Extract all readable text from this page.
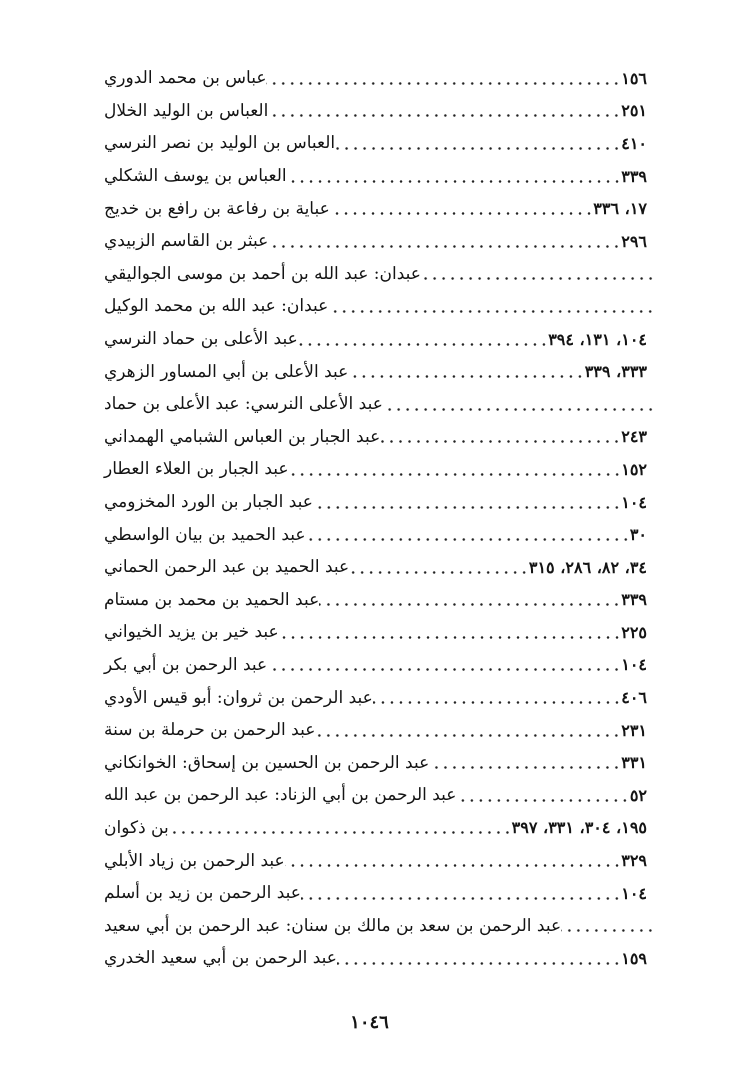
عباس بن محمد الدوري	١٥٦
العباس بن الوليد الخلال	٢٥١
العباس بن الوليد بن نصر النرسي	٤١٠
العباس بن يوسف الشكلي	٣٣٩
عباية بن رفاعة بن رافع بن خديج	١٧، ٣٣٦
عبثر بن القاسم الزبيدي	٢٩٦
عبدان: عبد الله بن أحمد بن موسى الجواليقي
عبدان: عبد الله بن محمد الوكيل
عبد الأعلى بن حماد النرسي	١٠٤، ١٣١، ٣٩٤
عبد الأعلى بن أبي المساور الزهري	٣٣٣، ٣٣٩
عبد الأعلى النرسي: عبد الأعلى بن حماد
عبد الجبار بن العباس الشبامي الهمداني	٢٤٣
عبد الجبار بن العلاء العطار	١٥٢
عبد الجبار بن الورد المخزومي	١٠٤
عبد الحميد بن بيان الواسطي	٣٠
عبد الحميد بن عبد الرحمن الحماني	٣٤، ٨٢، ٢٨٦، ٣١٥
عبد الحميد بن محمد بن مستام	٣٣٩
عبد خير بن يزيد الخيواني	٢٢٥
عبد الرحمن بن أبي بكر	١٠٤
عبد الرحمن بن ثروان: أبو قيس الأودي	٤٠٦
عبد الرحمن بن حرملة بن سنة	٢٣١
عبد الرحمن بن الحسين بن إسحاق: الخوانكاني	٣٣١
عبد الرحمن بن أبي الزناد: عبد الرحمن بن عبد الله	٥٢
بن ذكوان	١٩٥، ٣٠٤، ٣٣١، ٣٩٧
عبد الرحمن بن زياد الأبلي	٣٢٩
عبد الرحمن بن زيد بن أسلم	١٠٤
عبد الرحمن بن سعد بن مالك بن سنان: عبد الرحمن بن أبي سعيد
عبد الرحمن بن أبي سعيد الخدري	١٥٩
١٠٤٦
